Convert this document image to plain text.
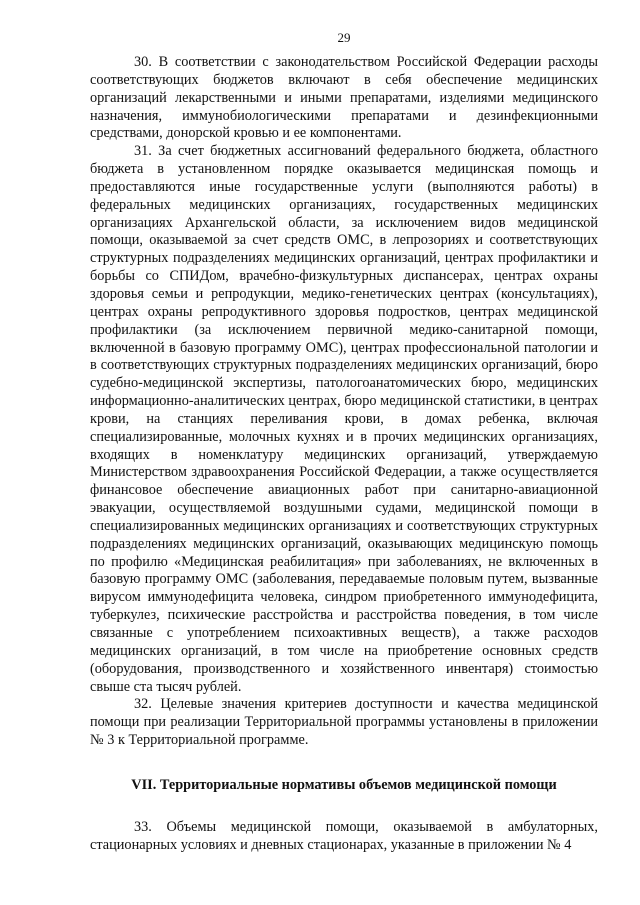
29

30. В соответствии с законодательством Российской Федерации расходы соответствующих бюджетов включают в себя обеспечение медицинских организаций лекарственными и иными препаратами, изделиями медицинского назначения, иммунобиологическими препаратами и дезинфекционными средствами, донорской кровью и ее компонентами.

31. За счет бюджетных ассигнований федерального бюджета, областного бюджета в установленном порядке оказывается медицинская помощь и предоставляются иные государственные услуги (выполняются работы) в федеральных медицинских организациях, государственных медицинских организациях Архангельской области, за исключением видов медицинской помощи, оказываемой за счет средств ОМС, в лепрозориях и соответствующих структурных подразделениях медицинских организаций, центрах профилактики и борьбы со СПИДом, врачебно-физкультурных диспансерах, центрах охраны здоровья семьи и репродукции, медико-генетических центрах (консультациях), центрах охраны репродуктивного здоровья подростков, центрах медицинской профилактики (за исключением первичной медико-санитарной помощи, включенной в базовую программу ОМС), центрах профессиональной патологии и в соответствующих структурных подразделениях медицинских организаций, бюро судебно-медицинской экспертизы, патологоанатомических бюро, медицинских информационно-аналитических центрах, бюро медицинской статистики, в центрах крови, на станциях переливания крови, в домах ребенка, включая специализированные, молочных кухнях и в прочих медицинских организациях, входящих в номенклатуру медицинских организаций, утверждаемую Министерством здравоохранения Российской Федерации, а также осуществляется финансовое обеспечение авиационных работ при санитарно-авиационной эвакуации, осуществляемой воздушными судами, медицинской помощи в специализированных медицинских организациях и соответствующих структурных подразделениях медицинских организаций, оказывающих медицинскую помощь по профилю «Медицинская реабилитация» при заболеваниях, не включенных в базовую программу ОМС (заболевания, передаваемые половым путем, вызванные вирусом иммунодефицита человека, синдром приобретенного иммунодефицита, туберкулез, психические расстройства и расстройства поведения, в том числе связанные с употреблением психоактивных веществ), а также расходов медицинских организаций, в том числе на приобретение основных средств (оборудования, производственного и хозяйственного инвентаря) стоимостью свыше ста тысяч рублей.

32. Целевые значения критериев доступности и качества медицинской помощи при реализации Территориальной программы установлены в приложении № 3 к Территориальной программе.

VII. Территориальные нормативы объемов медицинской помощи

33. Объемы медицинской помощи, оказываемой в амбулаторных, стационарных условиях и дневных стационарах, указанные в приложении № 4
